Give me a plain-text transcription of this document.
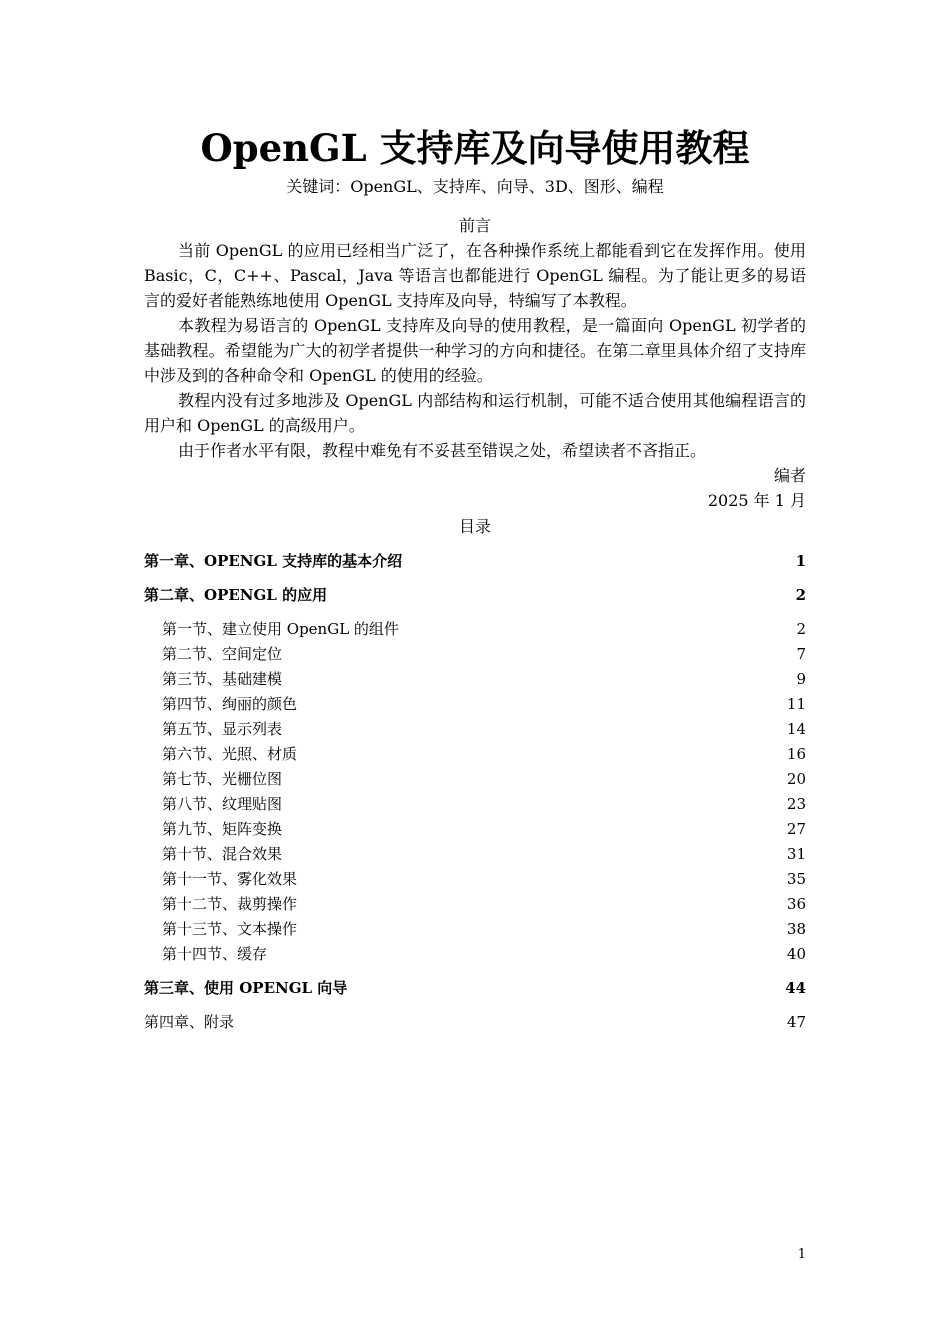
OpenGL 支持库及向导使用教程

关键词：OpenGL、支持库、向导、3D、图形、编程

前言

当前 OpenGL 的应用已经相当广泛了，在各种操作系统上都能看到它在发挥作用。使用 Basic，C，C++、Pascal，Java 等语言也都能进行 OpenGL 编程。为了能让更多的易语言的爱好者能熟练地使用 OpenGL 支持库及向导，特编写了本教程。

本教程为易语言的 OpenGL 支持库及向导的使用教程，是一篇面向 OpenGL 初学者的基础教程。希望能为广大的初学者提供一种学习的方向和捷径。在第二章里具体介绍了支持库中涉及到的各种命令和 OpenGL 的使用的经验。

教程内没有过多地涉及 OpenGL 内部结构和运行机制，可能不适合使用其他编程语言的用户和 OpenGL 的高级用户。

由于作者水平有限，教程中难免有不妥甚至错误之处，希望读者不吝指正。

编者

2025 年 1 月

目录

第一章、OPENGL 支持库的基本介绍	1
第二章、OPENGL 的应用	2
第一节、建立使用 OpenGL 的组件	2
第二节、空间定位	7
第三节、基础建模	9
第四节、绚丽的颜色	11
第五节、显示列表	14
第六节、光照、材质	16
第七节、光栅位图	20
第八节、纹理贴图	23
第九节、矩阵变换	27
第十节、混合效果	31
第十一节、雾化效果	35
第十二节、裁剪操作	36
第十三节、文本操作	38
第十四节、缓存	40
第三章、使用 OPENGL 向导	44
第四章、附录	47
1
